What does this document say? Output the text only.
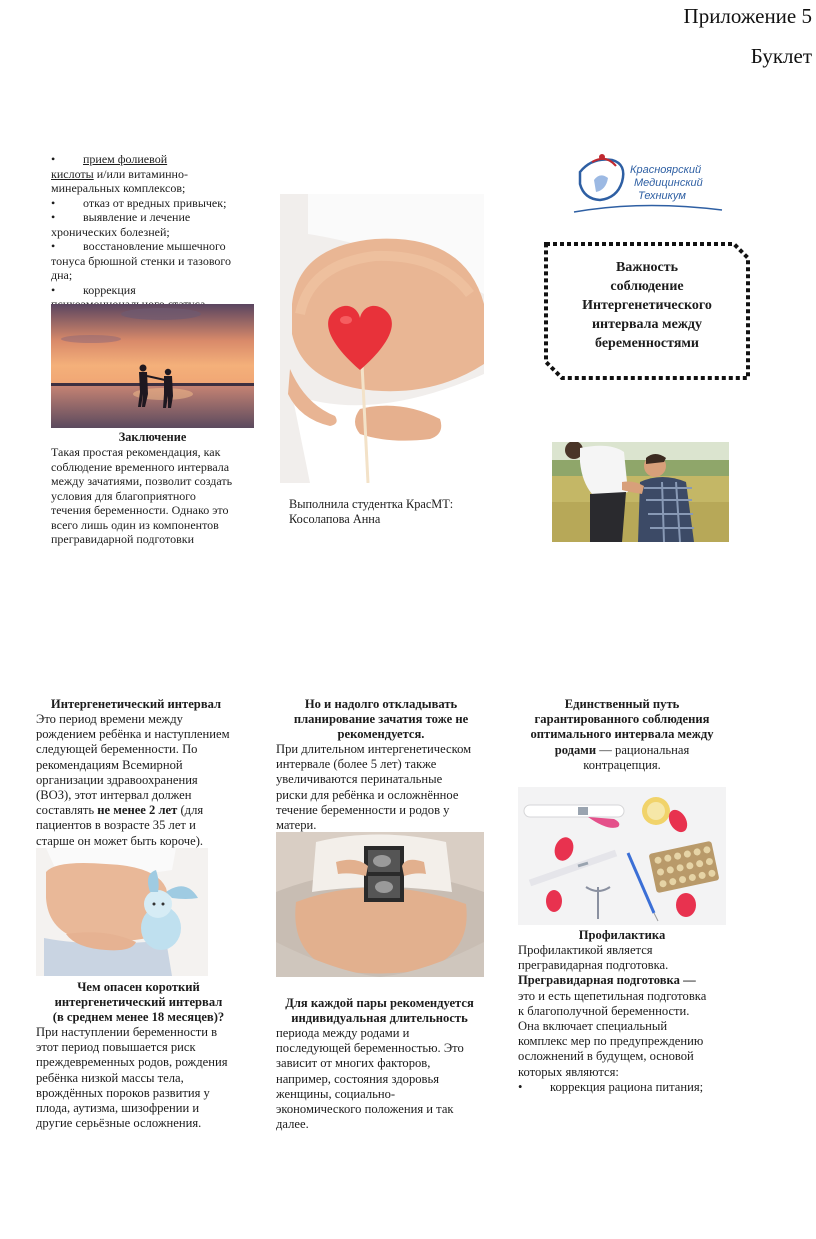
Приложение 5
Буклет
• прием фолиевой
кислоты и/или витаминно-
минеральных комплексов;
• отказ от вредных привычек;
• выявление и лечение
хронических болезней;
• восстановление мышечного
тонуса брюшной стенки и тазового
дна;
• коррекция
Заключение
Такая простая рекомендация, как
соблюдение временного интервала
между зачатиями, позволит создать
условия для благоприятного
течения беременности. Однако это
всего лишь один из компонентов
прегравидарной подготовки
Выполнила студентка КрасМТ:
Косолапова Анна
Красноярский
Медицинский
Техникум
Важность
соблюдение
Интергенетического
интервала между
беременностями
Интергенетический интервал
Это период времени между
рождением ребёнка и наступлением
следующей беременности. По
рекомендациям Всемирной
организации здравоохранения
(ВОЗ), этот интервал должен
составлять не менее 2 лет (для
пациентов в возрасте 35 лет и
старше он может быть короче).
Чем опасен короткий
интергенетический интервал
(в среднем менее 18 месяцев)?
При наступлении беременности в
этот период повышается риск
преждевременных родов, рождения
ребёнка низкой массы тела,
врождённых пороков развития у
плода, аутизма, шизофрении и
другие серьёзные осложнения.
Но и надолго откладывать
планирование зачатия тоже не
рекомендуется.
При длительном интергенетическом
интервале (более 5 лет) также
увеличиваются перинатальные
риски для ребёнка и осложнённое
течение беременности и родов у
матери.
Для каждой пары рекомендуется
индивидуальная длительность
периода между родами и
последующей беременностью. Это
зависит от многих факторов,
например, состояния здоровья
женщины, социально-
экономического положения и так
далее.
Единственный путь
гарантированного соблюдения
оптимального интервала между
родами — рациональная
контрацепция.
Профилактика
Профилактикой является
прегравидарная подготовка.
Прегравидарная подготовка —
это и есть щепетильная подготовка
к благополучной беременности.
Она включает специальный
комплекс мер по предупреждению
осложнений в будущем, основой
которых являются:
• коррекция рациона питания;
